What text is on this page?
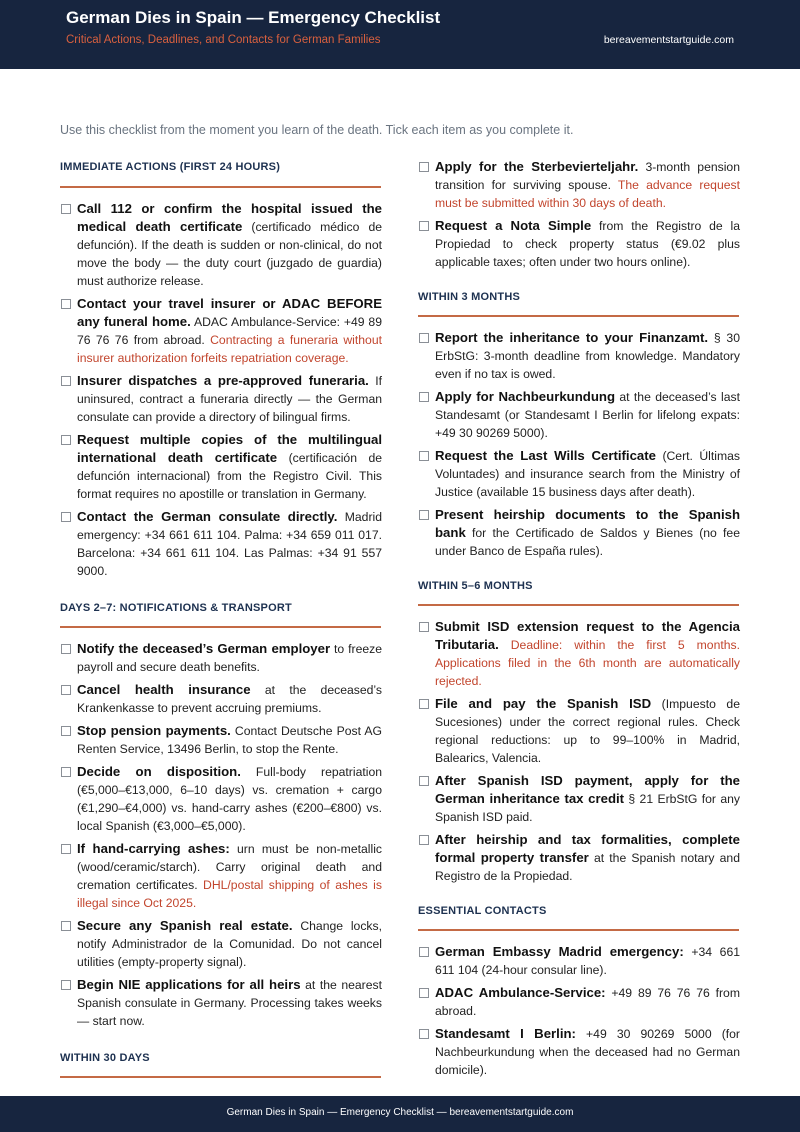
German Dies in Spain — Emergency Checklist
Critical Actions, Deadlines, and Contacts for German Families	bereavementstartguide.com
Use this checklist from the moment you learn of the death. Tick each item as you complete it.
IMMEDIATE ACTIONS (FIRST 24 HOURS)
Call 112 or confirm the hospital issued the medical death certificate (certificado médico de defunción). If the death is sudden or non-clinical, do not move the body — the duty court (juzgado de guardia) must authorize release.
Contact your travel insurer or ADAC BEFORE any funeral home. ADAC Ambulance-Service: +49 89 76 76 76 from abroad. Contracting a funeraria without insurer authorization forfeits repatriation coverage.
Insurer dispatches a pre-approved funeraria. If uninsured, contract a funeraria directly — the German consulate can provide a directory of bilingual firms.
Request multiple copies of the multilingual international death certificate (certificación de defunción internacional) from the Registro Civil. This format requires no apostille or translation in Germany.
Contact the German consulate directly. Madrid emergency: +34 661 611 104. Palma: +34 659 011 017. Barcelona: +34 661 611 104. Las Palmas: +34 91 557 9000.
DAYS 2–7: NOTIFICATIONS & TRANSPORT
Notify the deceased’s German employer to freeze payroll and secure death benefits.
Cancel health insurance at the deceased’s Krankenkasse to prevent accruing premiums.
Stop pension payments. Contact Deutsche Post AG Renten Service, 13496 Berlin, to stop the Rente.
Decide on disposition. Full-body repatriation (€5,000–€13,000, 6–10 days) vs. cremation + cargo (€1,290–€4,000) vs. hand-carry ashes (€200–€800) vs. local Spanish (€3,000–€5,000).
If hand-carrying ashes: urn must be non-metallic (wood/ceramic/starch). Carry original death and cremation certificates. DHL/postal shipping of ashes is illegal since Oct 2025.
Secure any Spanish real estate. Change locks, notify Administrador de la Comunidad. Do not cancel utilities (empty-property signal).
Begin NIE applications for all heirs at the nearest Spanish consulate in Germany. Processing takes weeks — start now.
WITHIN 30 DAYS
Apply for the Sterbevierteljahr. 3-month pension transition for surviving spouse. The advance request must be submitted within 30 days of death.
Request a Nota Simple from the Registro de la Propiedad to check property status (€9.02 plus applicable taxes; often under two hours online).
WITHIN 3 MONTHS
Report the inheritance to your Finanzamt. § 30 ErbStG: 3-month deadline from knowledge. Mandatory even if no tax is owed.
Apply for Nachbeurkundung at the deceased’s last Standesamt (or Standesamt I Berlin for lifelong expats: +49 30 90269 5000).
Request the Last Wills Certificate (Cert. Últimas Voluntades) and insurance search from the Ministry of Justice (available 15 business days after death).
Present heirship documents to the Spanish bank for the Certificado de Saldos y Bienes (no fee under Banco de España rules).
WITHIN 5–6 MONTHS
Submit ISD extension request to the Agencia Tributaria. Deadline: within the first 5 months. Applications filed in the 6th month are automatically rejected.
File and pay the Spanish ISD (Impuesto de Sucesiones) under the correct regional rules. Check regional reductions: up to 99–100% in Madrid, Balearics, Valencia.
After Spanish ISD payment, apply for the German inheritance tax credit § 21 ErbStG for any Spanish ISD paid.
After heirship and tax formalities, complete formal property transfer at the Spanish notary and Registro de la Propiedad.
ESSENTIAL CONTACTS
German Embassy Madrid emergency: +34 661 611 104 (24-hour consular line).
ADAC Ambulance-Service: +49 89 76 76 76 from abroad.
Standesamt I Berlin: +49 30 90269 5000 (for Nachbeurkundung when the deceased had no German domicile).
German Dies in Spain — Emergency Checklist — bereavementstartguide.com
